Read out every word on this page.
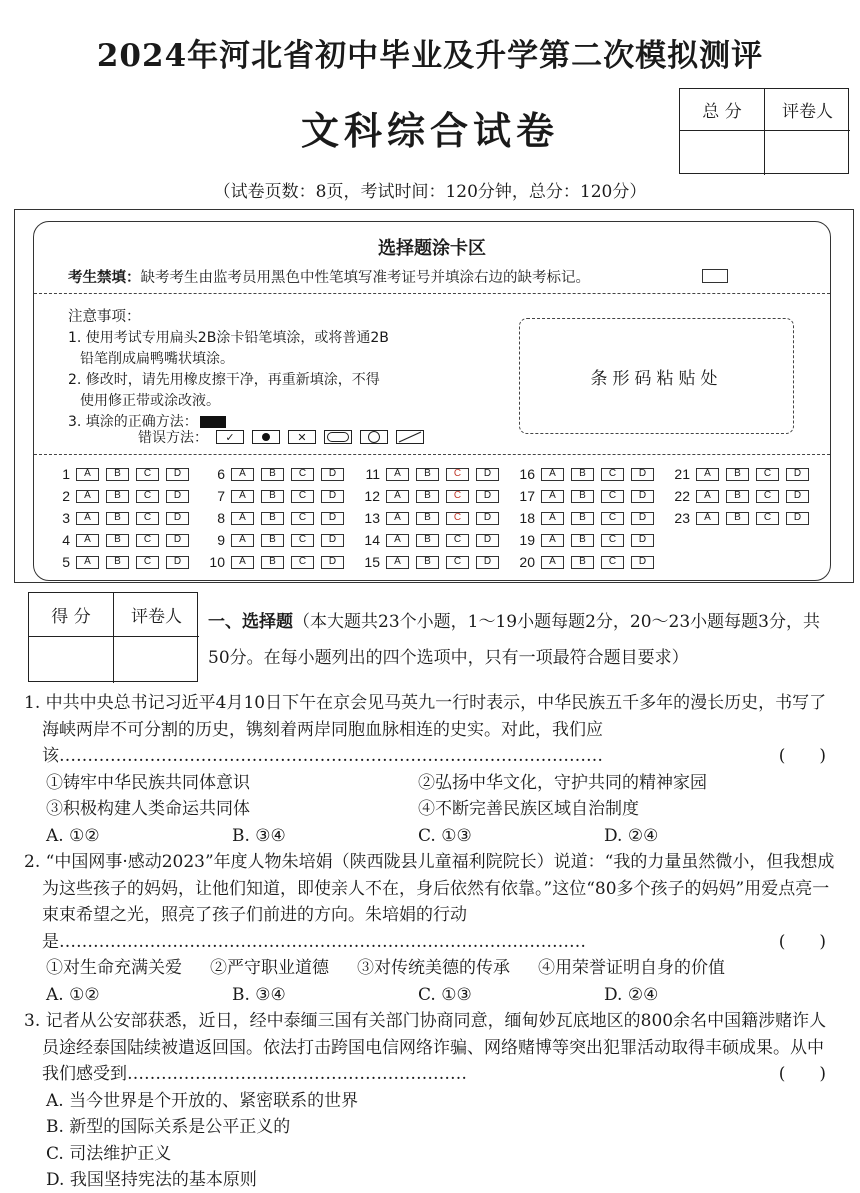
2024年河北省初中毕业及升学第二次模拟测评
文科综合试卷
（试卷页数：8页，考试时间：120分钟，总分：120分）
总 分	评卷人
选择题涂卡区
考生禁填：缺考考生由监考员用黑色中性笔填写准考证号并填涂右边的缺考标记。
注意事项：
1. 使用考试专用扁头2B涂卡铅笔填涂，或将普通2B
铅笔削成扁鸭嘴状填涂。
2. 修改时，请先用橡皮擦干净，再重新填涂，不得
使用修正带或涂改液。
3. 填涂的正确方法：
错误方法：	✓	✕
条形码粘贴处
1	A	B	C	D
2	A	B	C	D
3	A	B	C	D
4	A	B	C	D
5	A	B	C	D
6	A	B	C	D
7	A	B	C	D
8	A	B	C	D
9	A	B	C	D
10	A	B	C	D
11	A	B	C	D
12	A	B	C	D
13	A	B	C	D
14	A	B	C	D
15	A	B	C	D
16	A	B	C	D
17	A	B	C	D
18	A	B	C	D
19	A	B	C	D
20	A	B	C	D
21	A	B	C	D
22	A	B	C	D
23	A	B	C	D
得 分	评卷人	一、选择题（本大题共23个小题，1～19小题每题2分，20～23小题每题3分，共50分。在每小题列出的四个选项中，只有一项最符合题目要求）
1. 中共中央总书记习近平4月10日下午在京会见马英九一行时表示，中华民族五千多年的漫长历史，书写了海峡两岸不可分割的历史，镌刻着两岸同胞血脉相连的史实。对此，我们应该……………………………………………………………………………………	(　　)
①铸牢中华民族共同体意识	②弘扬中华文化，守护共同的精神家园
③积极构建人类命运共同体	④不断完善民族区域自治制度
A. ①②	B. ③④	C. ①③	D. ②④
2. “中国网事·感动2023”年度人物朱培娟（陕西陇县儿童福利院院长）说道：“我的力量虽然微小，但我想成为这些孩子的妈妈，让他们知道，即使亲人不在，身后依然有依靠。”这位“80多个孩子的妈妈”用爱点亮一束束希望之光，照亮了孩子们前进的方向。朱培娟的行动是…………………………………………………………………………………	(　　)
①对生命充满关爱 ②严守职业道德 ③对传统美德的传承 ④用荣誉证明自身的价值
A. ①②	B. ③④	C. ①③	D. ②④
3. 记者从公安部获悉，近日，经中泰缅三国有关部门协商同意，缅甸妙瓦底地区的800余名中国籍涉赌诈人员途经泰国陆续被遣返回国。依法打击跨国电信网络诈骗、网络赌博等突出犯罪活动取得丰硕成果。从中我们感受到……………………………………………………	(　　)
A. 当今世界是个开放的、紧密联系的世界
B. 新型的国际关系是公平正义的
C. 司法维护正义
D. 我国坚持宪法的基本原则
